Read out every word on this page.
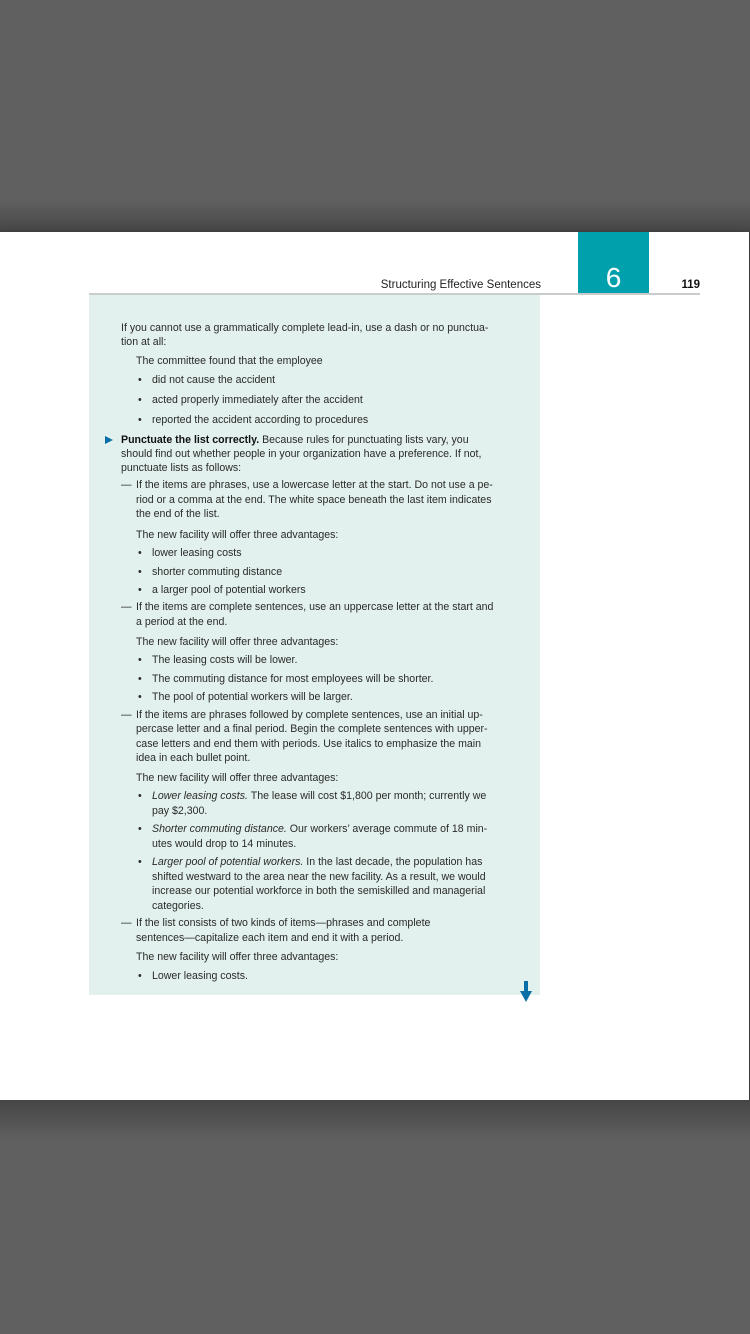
6
Structuring Effective Sentences	119
If you cannot use a grammatically complete lead-in, use a dash or no punctua-
tion at all:
The committee found that the employee
• did not cause the accident
• acted properly immediately after the accident
• reported the accident according to procedures
Punctuate the list correctly. Because rules for punctuating lists vary, you
should find out whether people in your organization have a preference. If not,
punctuate lists as follows:
— If the items are phrases, use a lowercase letter at the start. Do not use a pe-
riod or a comma at the end. The white space beneath the last item indicates
the end of the list.
The new facility will offer three advantages:
• lower leasing costs
• shorter commuting distance
• a larger pool of potential workers
— If the items are complete sentences, use an uppercase letter at the start and
a period at the end.
The new facility will offer three advantages:
• The leasing costs will be lower.
• The commuting distance for most employees will be shorter.
• The pool of potential workers will be larger.
— If the items are phrases followed by complete sentences, use an initial up-
percase letter and a final period. Begin the complete sentences with upper-
case letters and end them with periods. Use italics to emphasize the main
idea in each bullet point.
The new facility will offer three advantages:
• Lower leasing costs. The lease will cost $1,800 per month; currently we
pay $2,300.
• Shorter commuting distance. Our workers’ average commute of 18 min-
utes would drop to 14 minutes.
• Larger pool of potential workers. In the last decade, the population has
shifted westward to the area near the new facility. As a result, we would
increase our potential workforce in both the semiskilled and managerial
categories.
— If the list consists of two kinds of items—phrases and complete
sentences—capitalize each item and end it with a period.
The new facility will offer three advantages:
• Lower leasing costs.
